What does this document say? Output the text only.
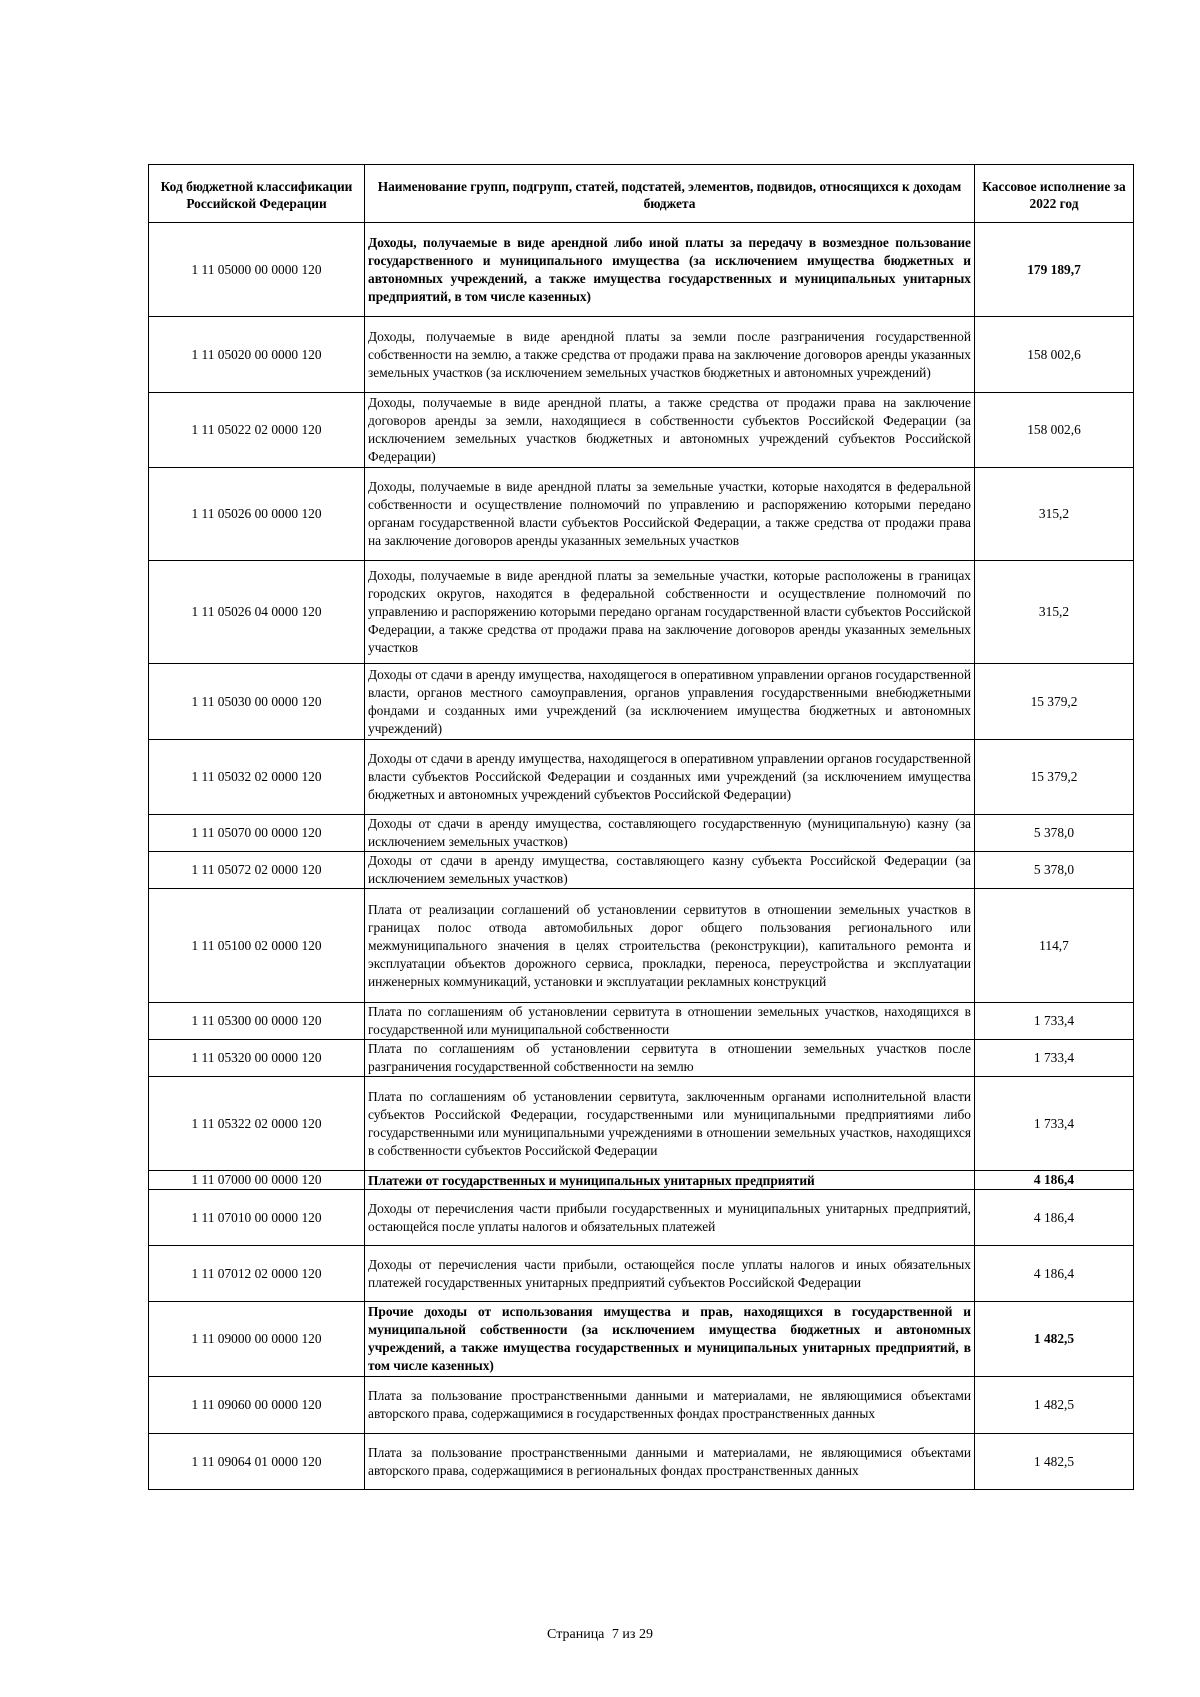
Код бюджетной классификации Российской Федерации	Наименование групп, подгрупп, статей, подстатей, элементов, подвидов, относящихся к доходам бюджета	Кассовое исполнение за 2022 год
1 11 05000 00 0000 120	Доходы, получаемые в виде арендной либо иной платы за передачу в возмездное пользование государственного и муниципального имущества (за исключением имущества бюджетных и автономных учреждений, а также имущества государственных и муниципальных унитарных предприятий, в том числе казенных)	179 189,7
1 11 05020 00 0000 120	Доходы, получаемые в виде арендной платы за земли после разграничения государственной собственности на землю, а также средства от продажи права на заключение договоров аренды указанных земельных участков (за исключением земельных участков бюджетных и автономных учреждений)	158 002,6
1 11 05022 02 0000 120	Доходы, получаемые в виде арендной платы, а также средства от продажи права на заключение договоров аренды за земли, находящиеся в собственности субъектов Российской Федерации (за исключением земельных участков бюджетных и автономных учреждений субъектов Российской Федерации)	158 002,6
1 11 05026 00 0000 120	Доходы, получаемые в виде арендной платы за земельные участки, которые находятся в федеральной собственности и осуществление полномочий по управлению и распоряжению которыми передано органам государственной власти субъектов Российской Федерации, а также средства от продажи права на заключение договоров аренды указанных земельных участков	315,2
1 11 05026 04 0000 120	Доходы, получаемые в виде арендной платы за земельные участки, которые расположены в границах городских округов, находятся в федеральной собственности и осуществление полномочий по управлению и распоряжению которыми передано органам государственной власти субъектов Российской Федерации, а также средства от продажи права на заключение договоров аренды указанных земельных участков	315,2
1 11 05030 00 0000 120	Доходы от сдачи в аренду имущества, находящегося в оперативном управлении органов государственной власти, органов местного самоуправления, органов управления государственными внебюджетными фондами и созданных ими учреждений (за исключением имущества бюджетных и автономных учреждений)	15 379,2
1 11 05032 02 0000 120	Доходы от сдачи в аренду имущества, находящегося в оперативном управлении органов государственной власти субъектов Российской Федерации и созданных ими учреждений (за исключением имущества бюджетных и автономных учреждений субъектов Российской Федерации)	15 379,2
1 11 05070 00 0000 120	Доходы от сдачи в аренду имущества, составляющего государственную (муниципальную) казну (за исключением земельных участков)	5 378,0
1 11 05072 02 0000 120	Доходы от сдачи в аренду имущества, составляющего казну субъекта Российской Федерации (за исключением земельных участков)	5 378,0
1 11 05100 02 0000 120	Плата от реализации соглашений об установлении сервитутов в отношении земельных участков в границах полос отвода автомобильных дорог общего пользования регионального или межмуниципального значения в целях строительства (реконструкции), капитального ремонта и эксплуатации объектов дорожного сервиса, прокладки, переноса, переустройства и эксплуатации инженерных коммуникаций, установки и эксплуатации рекламных конструкций	114,7
1 11 05300 00 0000 120	Плата по соглашениям об установлении сервитута в отношении земельных участков, находящихся в государственной или муниципальной собственности	1 733,4
1 11 05320 00 0000 120	Плата по соглашениям об установлении сервитута в отношении земельных участков после разграничения государственной собственности на землю	1 733,4
1 11 05322 02 0000 120	Плата по соглашениям об установлении сервитута, заключенным органами исполнительной власти субъектов Российской Федерации, государственными или муниципальными предприятиями либо государственными или муниципальными учреждениями в отношении земельных участков, находящихся в собственности субъектов Российской Федерации	1 733,4
1 11 07000 00 0000 120	Платежи от государственных и муниципальных унитарных предприятий	4 186,4
1 11 07010 00 0000 120	Доходы от перечисления части прибыли государственных и муниципальных унитарных предприятий, остающейся после уплаты налогов и обязательных платежей	4 186,4
1 11 07012 02 0000 120	Доходы от перечисления части прибыли, остающейся после уплаты налогов и иных обязательных платежей государственных унитарных предприятий субъектов Российской Федерации	4 186,4
1 11 09000 00 0000 120	Прочие доходы от использования имущества и прав, находящихся в государственной и муниципальной собственности (за исключением имущества бюджетных и автономных учреждений, а также имущества государственных и муниципальных унитарных предприятий, в том числе казенных)	1 482,5
1 11 09060 00 0000 120	Плата за пользование пространственными данными и материалами, не являющимися объектами авторского права, содержащимися в государственных фондах пространственных данных	1 482,5
1 11 09064 01 0000 120	Плата за пользование пространственными данными и материалами, не являющимися объектами авторского права, содержащимися в региональных фондах пространственных данных	1 482,5
Страница 7 из 29
